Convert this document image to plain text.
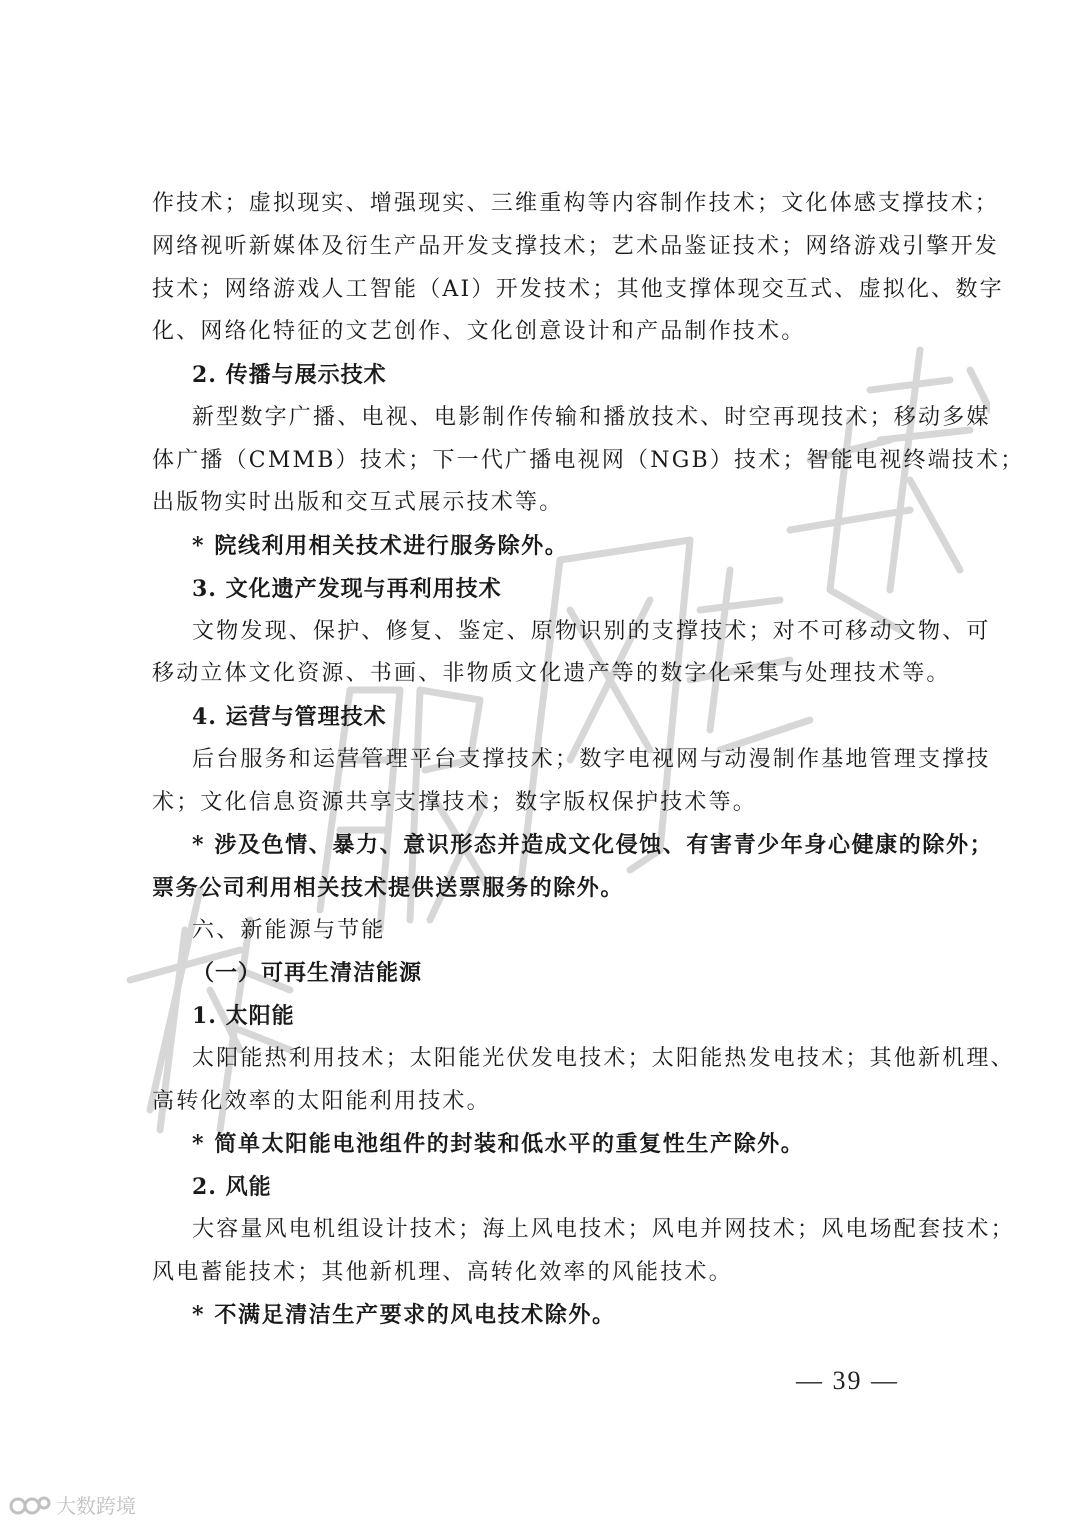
作技术；虚拟现实、增强现实、三维重构等内容制作技术；文化体感支撑技术；
网络视听新媒体及衍生产品开发支撑技术；艺术品鉴证技术；网络游戏引擎开发
技术；网络游戏人工智能（AI）开发技术；其他支撑体现交互式、虚拟化、数字
化、网络化特征的文艺创作、文化创意设计和产品制作技术。
2. 传播与展示技术
新型数字广播、电视、电影制作传输和播放技术、时空再现技术；移动多媒
体广播（CMMB）技术；下一代广播电视网（NGB）技术；智能电视终端技术；
出版物实时出版和交互式展示技术等。
* 院线利用相关技术进行服务除外。
3. 文化遗产发现与再利用技术
文物发现、保护、修复、鉴定、原物识别的支撑技术；对不可移动文物、可
移动立体文化资源、书画、非物质文化遗产等的数字化采集与处理技术等。
4. 运营与管理技术
后台服务和运营管理平台支撑技术；数字电视网与动漫制作基地管理支撑技
术；文化信息资源共享支撑技术；数字版权保护技术等。
* 涉及色情、暴力、意识形态并造成文化侵蚀、有害青少年身心健康的除外；
票务公司利用相关技术提供送票服务的除外。
六、新能源与节能
（一）可再生清洁能源
1. 太阳能
太阳能热利用技术；太阳能光伏发电技术；太阳能热发电技术；其他新机理、
高转化效率的太阳能利用技术。
* 简单太阳能电池组件的封装和低水平的重复性生产除外。
2. 风能
大容量风电机组设计技术；海上风电技术；风电并网技术；风电场配套技术；
风电蓄能技术；其他新机理、高转化效率的风能技术。
* 不满足清洁生产要求的风电技术除外。
— 39 —
大数跨境
